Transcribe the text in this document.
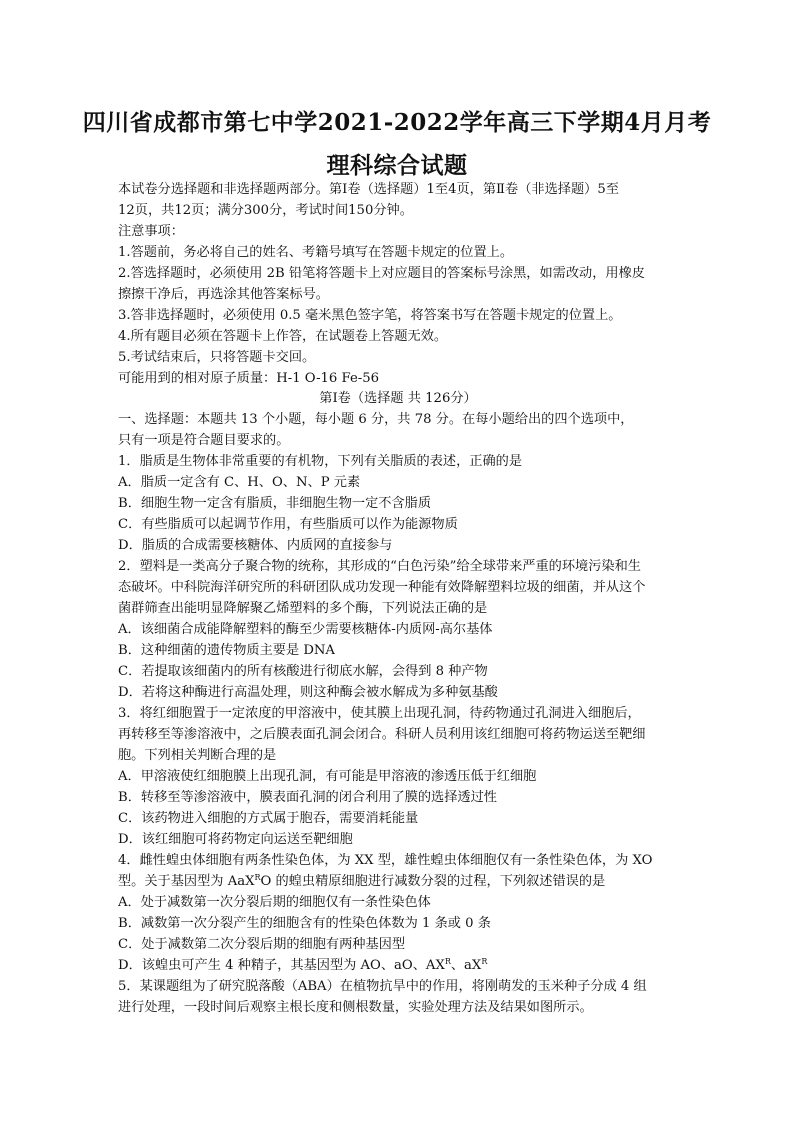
四川省成都市第七中学2021-2022学年高三下学期4月月考
理科综合试题
本试卷分选择题和非选择题两部分。第Ⅰ卷（选择题）1至4页，第Ⅱ卷（非选择题）5至
12页，共12页；满分300分，考试时间150分钟。
注意事项：
1.答题前，务必将自己的姓名、考籍号填写在答题卡规定的位置上。
2.答选择题时，必须使用 2B 铅笔将答题卡上对应题目的答案标号涂黑，如需改动，用橡皮
擦擦干净后，再选涂其他答案标号。
3.答非选择题时，必须使用 0.5 毫米黑色签字笔，将答案书写在答题卡规定的位置上。
4.所有题目必须在答题卡上作答，在试题卷上答题无效。
5.考试结束后，只将答题卡交回。
可能用到的相对原子质量：H-1 O-16 Fe-56
第Ⅰ卷（选择题 共 126分）
一、选择题：本题共 13 个小题，每小题 6 分，共 78 分。在每小题给出的四个选项中，
只有一项是符合题目要求的。
1．脂质是生物体非常重要的有机物，下列有关脂质的表述，正确的是
A．脂质一定含有 C、H、O、N、P 元素
B．细胞生物一定含有脂质，非细胞生物一定不含脂质
C．有些脂质可以起调节作用，有些脂质可以作为能源物质
D．脂质的合成需要核糖体、内质网的直接参与
2．塑料是一类高分子聚合物的统称，其形成的“白色污染”给全球带来严重的环境污染和生
态破坏。中科院海洋研究所的科研团队成功发现一种能有效降解塑料垃圾的细菌，并从这个
菌群筛查出能明显降解聚乙烯塑料的多个酶，下列说法正确的是
A．该细菌合成能降解塑料的酶至少需要核糖体-内质网-高尔基体
B．这种细菌的遗传物质主要是 DNA
C．若提取该细菌内的所有核酸进行彻底水解，会得到 8 种产物
D．若将这种酶进行高温处理，则这种酶会被水解成为多种氨基酸
3．将红细胞置于一定浓度的甲溶液中，使其膜上出现孔洞，待药物通过孔洞进入细胞后，
再转移至等渗溶液中，之后膜表面孔洞会闭合。科研人员利用该红细胞可将药物运送至靶细
胞。下列相关判断合理的是
A．甲溶液使红细胞膜上出现孔洞，有可能是甲溶液的渗透压低于红细胞
B．转移至等渗溶液中，膜表面孔洞的闭合利用了膜的选择透过性
C．该药物进入细胞的方式属于胞吞，需要消耗能量
D．该红细胞可将药物定向运送至靶细胞
4．雌性蝗虫体细胞有两条性染色体，为 XX 型，雄性蝗虫体细胞仅有一条性染色体，为 XO
型。关于基因型为 AaX$^R$O 的蝗虫精原细胞进行减数分裂的过程，下列叙述错误的是
A．处于减数第一次分裂后期的细胞仅有一条性染色体
B．减数第一次分裂产生的细胞含有的性染色体数为 1 条或 0 条
C．处于减数第二次分裂后期的细胞有两种基因型
D．该蝗虫可产生 4 种精子，其基因型为 AO、aO、$AX^R$、$aX^R$
5．某课题组为了研究脱落酸（ABA）在植物抗旱中的作用，将刚萌发的玉米种子分成 4 组
进行处理，一段时间后观察主根长度和侧根数量，实验处理方法及结果如图所示。
